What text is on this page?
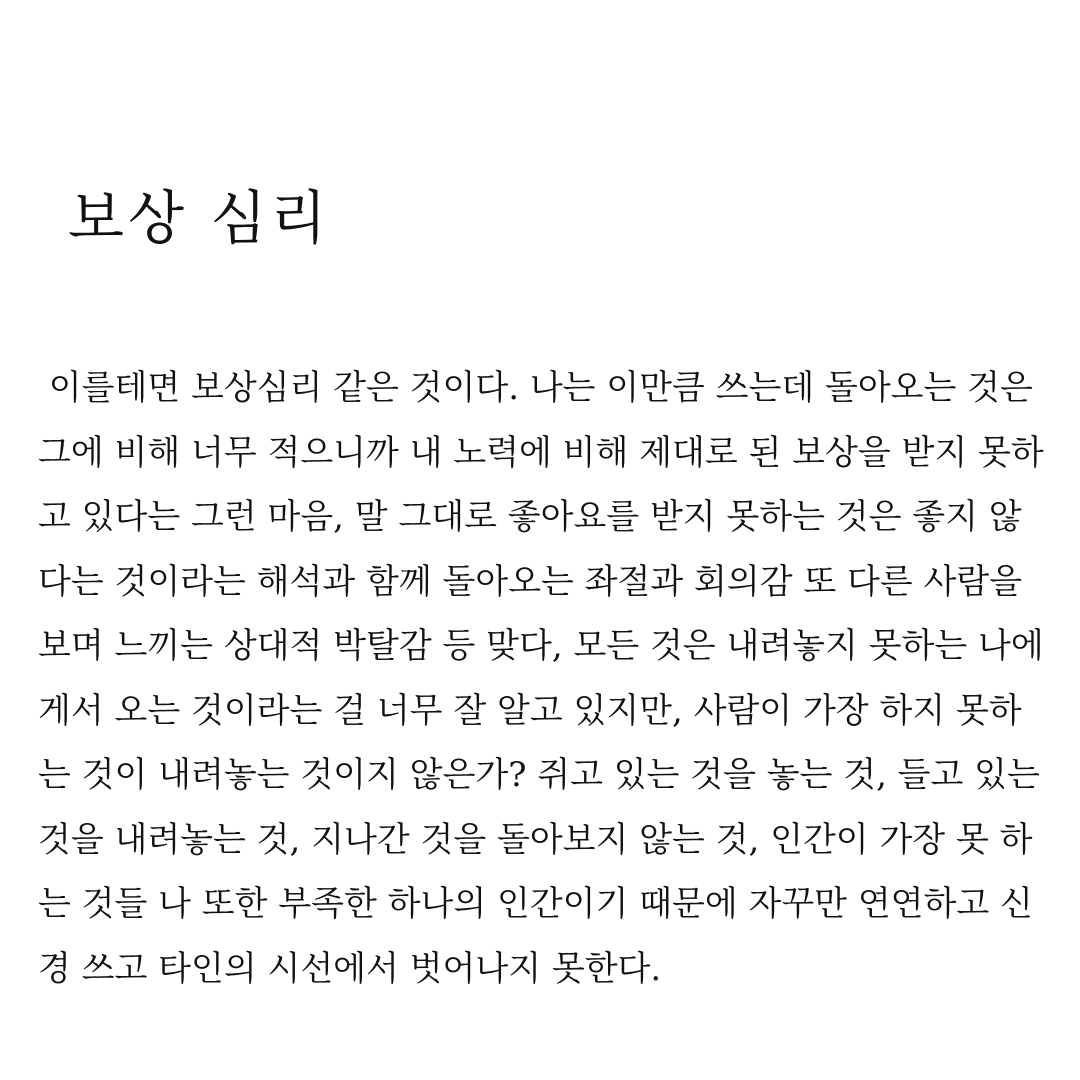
보상 심리
이를테면 보상심리 같은 것이다. 나는 이만큼 쓰는데 돌아오는 것은
그에 비해 너무 적으니까 내 노력에 비해 제대로 된 보상을 받지 못하
고 있다는 그런 마음, 말 그대로 좋아요를 받지 못하는 것은 좋지 않
다는 것이라는 해석과 함께 돌아오는 좌절과 회의감 또 다른 사람을
보며 느끼는 상대적 박탈감 등 맞다, 모든 것은 내려놓지 못하는 나에
게서 오는 것이라는 걸 너무 잘 알고 있지만, 사람이 가장 하지 못하
는 것이 내려놓는 것이지 않은가? 쥐고 있는 것을 놓는 것, 들고 있는
것을 내려놓는 것, 지나간 것을 돌아보지 않는 것, 인간이 가장 못 하
는 것들 나 또한 부족한 하나의 인간이기 때문에 자꾸만 연연하고 신
경 쓰고 타인의 시선에서 벗어나지 못한다.
